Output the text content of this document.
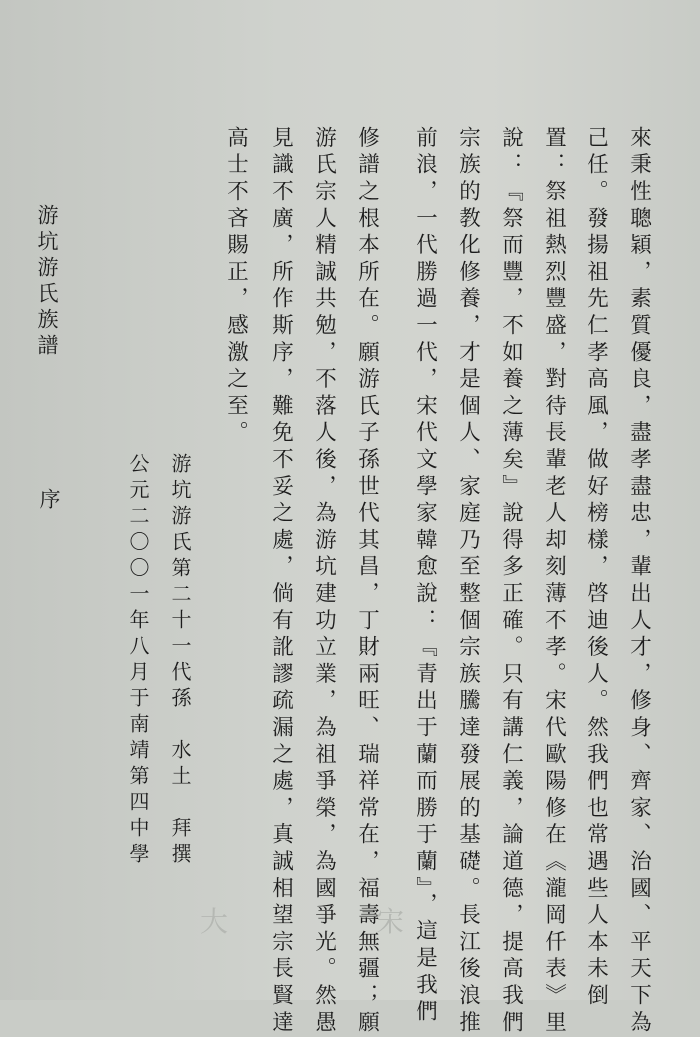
游坑游氏族譜
序	游坑游氏第二十一代孫　水土　拜撰
公元二〇〇一年八月于南靖第四中學	來秉性聰穎，素質優良，盡孝盡忠，輩出人才，修身、齊家、治國、平天下為
己任。發揚祖先仁孝高風，做好榜樣，啓迪後人。然我們也常遇些人本未倒
置：祭祖熱烈豐盛，對待長輩老人却刻薄不孝。宋代歐陽修在《瀧岡仟表》里
說：『祭而豐，不如養之薄矣』說得多正確。只有講仁義，論道德，提高我們
宗族的教化修養，才是個人、家庭乃至整個宗族騰達發展的基礎。長江後浪推
前浪，一代勝過一代，宋代文學家韓愈說：『青出于蘭而勝于蘭』，這是我們
修譜之根本所在。願游氏子孫世代其昌，丁財兩旺、瑞祥常在，福壽無疆；願
游氏宗人精誠共勉，不落人後，為游坑建功立業，為祖爭榮，為國爭光。然愚
見識不廣，所作斯序，難免不妥之處，倘有訛謬疏漏之處，真誠相望宗長賢達
高士不吝賜正，感激之至。
大　宋
